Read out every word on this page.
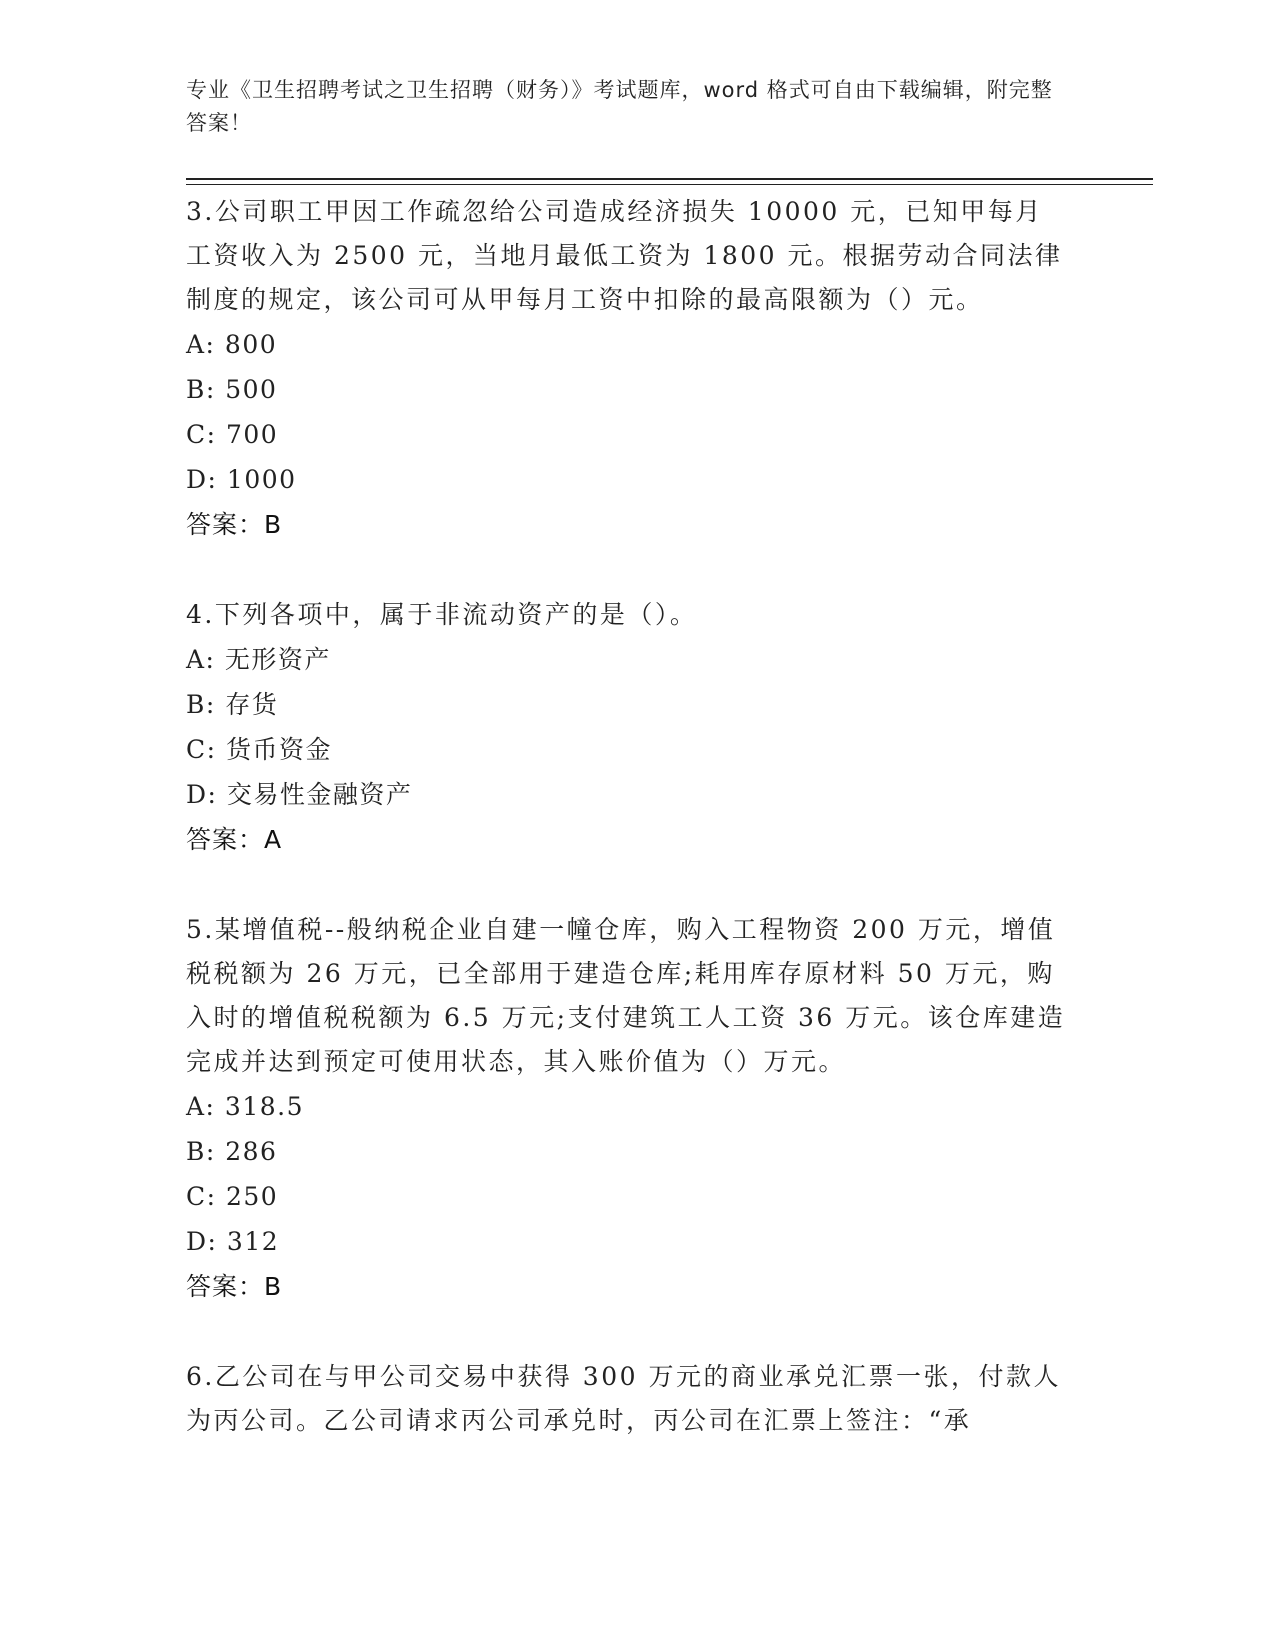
专业《卫生招聘考试之卫生招聘（财务）》考试题库，word 格式可自由下载编辑，附完整答案！
3.公司职工甲因工作疏忽给公司造成经济损失 10000 元，已知甲每月工资收入为 2500 元，当地月最低工资为 1800 元。根据劳动合同法律制度的规定，该公司可从甲每月工资中扣除的最高限额为（）元。
A: 800
B: 500
C: 700
D: 1000
答案：B
4.下列各项中，属于非流动资产的是（）。
A: 无形资产
B: 存货
C: 货币资金
D: 交易性金融资产
答案：A
5.某增值税--般纳税企业自建一幢仓库，购入工程物资 200 万元，增值税税额为 26 万元，已全部用于建造仓库;耗用库存原材料 50 万元，购入时的增值税税额为 6.5 万元;支付建筑工人工资 36 万元。该仓库建造完成并达到预定可使用状态，其入账价值为（）万元。
A: 318.5
B: 286
C: 250
D: 312
答案：B
6.乙公司在与甲公司交易中获得 300 万元的商业承兑汇票一张，付款人为丙公司。乙公司请求丙公司承兑时，丙公司在汇票上签注：“承
